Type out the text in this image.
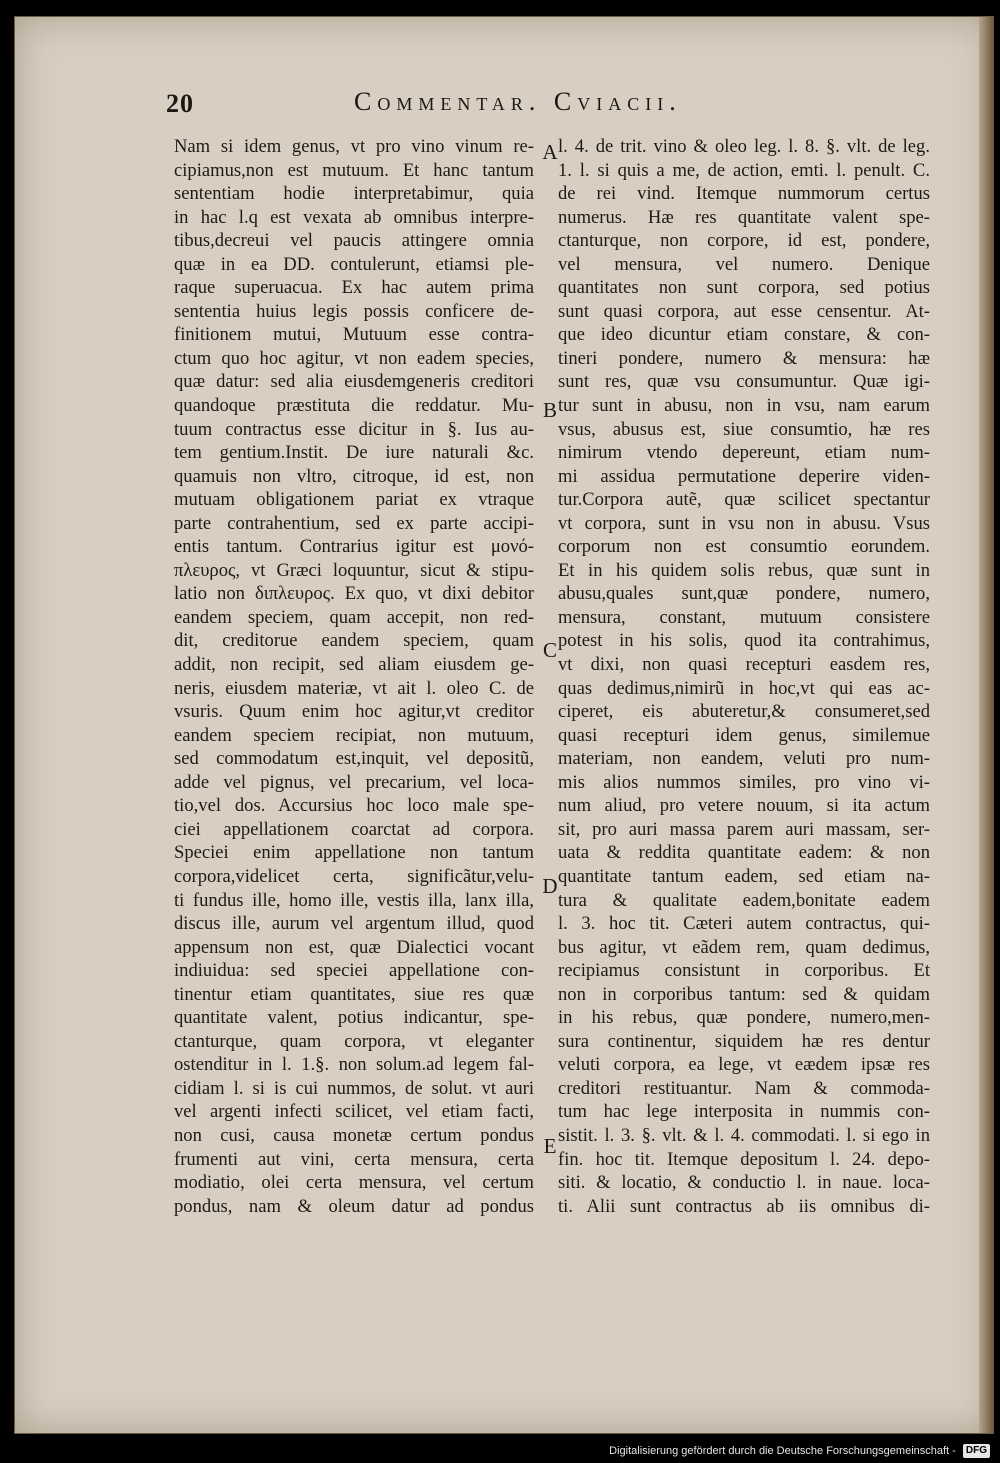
20	Commentar. Cviacii.
Nam si idem genus, vt pro vino vinum re-
cipiamus,non est mutuum. Et hanc tantum
sententiam hodie interpretabimur, quia
in hac l.q est vexata ab omnibus interpre-
tibus,decreui vel paucis attingere omnia
quæ in ea DD. contulerunt, etiamsi ple-
raque superuacua. Ex hac autem prima
sententia huius legis possis conficere de-
finitionem mutui, Mutuum esse contra-
ctum quo hoc agitur, vt non eadem species,
quæ datur: sed alia eiusdemgeneris creditori
quandoque præstituta die reddatur. Mu-
tuum contractus esse dicitur in §. Ius au-
tem gentium.Instit. De iure naturali &c.
quamuis non vltro, citroque, id est, non
mutuam obligationem pariat ex vtraque
parte contrahentium, sed ex parte accipi-
entis tantum. Contrarius igitur est μονό-
πλευρος, vt Græci loquuntur, sicut & stipu-
latio non διπλευρος. Ex quo, vt dixi debitor
eandem speciem, quam accepit, non red-
dit, creditorue eandem speciem, quam
addit, non recipit, sed aliam eiusdem ge-
neris, eiusdem materiæ, vt ait l. oleo C. de
vsuris. Quum enim hoc agitur,vt creditor
eandem speciem recipiat, non mutuum,
sed commodatum est,inquit, vel depositũ,
adde vel pignus, vel precarium, vel loca-
tio,vel dos. Accursius hoc loco male spe-
ciei appellationem coarctat ad corpora.
Speciei enim appellatione non tantum
corpora,videlicet certa, significãtur,velu-
ti fundus ille, homo ille, vestis illa, lanx illa,
discus ille, aurum vel argentum illud, quod
appensum non est, quæ Dialectici vocant
indiuidua: sed speciei appellatione con-
tinentur etiam quantitates, siue res quæ
quantitate valent, potius indicantur, spe-
ctanturque, quam corpora, vt eleganter
ostenditur in l. 1.§. non solum.ad legem fal-
cidiam l. si is cui nummos, de solut. vt auri
vel argenti infecti scilicet, vel etiam facti,
non cusi, causa monetæ certum pondus
frumenti aut vini, certa mensura, certa
modiatio, olei certa mensura, vel certum
pondus, nam & oleum datur ad pondus
l. 4. de trit. vino & oleo leg. l. 8. §. vlt. de leg.
1. l. si quis a me, de action, emti. l. penult. C.
de rei vind. Itemque nummorum certus
numerus. Hæ res quantitate valent spe-
ctanturque, non corpore, id est, pondere,
vel mensura, vel numero. Denique
quantitates non sunt corpora, sed potius
sunt quasi corpora, aut esse censentur. At-
que ideo dicuntur etiam constare, & con-
tineri pondere, numero & mensura: hæ
sunt res, quæ vsu consumuntur. Quæ igi-
tur sunt in abusu, non in vsu, nam earum
vsus, abusus est, siue consumtio, hæ res
nimirum vtendo depereunt, etiam num-
mi assidua permutatione deperire viden-
tur.Corpora autẽ, quæ scilicet spectantur
vt corpora, sunt in vsu non in abusu. Vsus
corporum non est consumtio eorundem.
Et in his quidem solis rebus, quæ sunt in
abusu,quales sunt,quæ pondere, numero,
mensura, constant, mutuum consistere
potest in his solis, quod ita contrahimus,
vt dixi, non quasi recepturi easdem res,
quas dedimus,nimirũ in hoc,vt qui eas ac-
ciperet, eis abuteretur,& consumeret,sed
quasi recepturi idem genus, similemue
materiam, non eandem, veluti pro num-
mis alios nummos similes, pro vino vi-
num aliud, pro vetere nouum, si ita actum
sit, pro auri massa parem auri massam, ser-
uata & reddita quantitate eadem: & non
quantitate tantum eadem, sed etiam na-
tura & qualitate eadem,bonitate eadem
l. 3. hoc tit. Cæteri autem contractus, qui-
bus agitur, vt eãdem rem, quam dedimus,
recipiamus consistunt in corporibus. Et
non in corporibus tantum: sed & quidam
in his rebus, quæ pondere, numero,men-
sura continentur, siquidem hæ res dentur
veluti corpora, ea lege, vt eædem ipsæ res
creditori restituantur. Nam & commoda-
tum hac lege interposita in nummis con-
sistit. l. 3. §. vlt. & l. 4. commodati. l. si ego in
fin. hoc tit. Itemque depositum l. 24. depo-
siti. & locatio, & conductio l. in naue. loca-
ti. Alii sunt contractus ab iis omnibus di-
A
B
C
D
E
Digitalisierung gefördert durch die Deutsche Forschungsgemeinschaft - DFG
